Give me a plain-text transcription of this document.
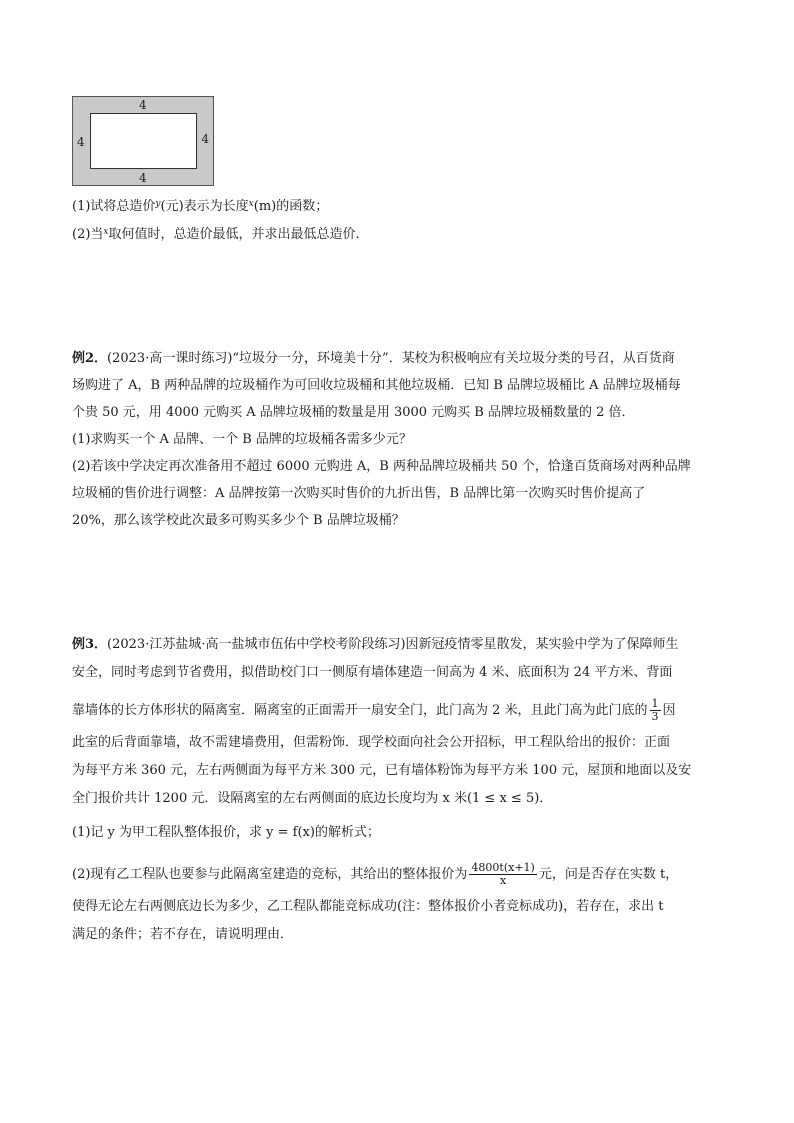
4
4
4	4
(1)试将总造价$^y$(元)表示为长度$^x$(m)的函数；
(2)当$^x$取何值时，总造价最低，并求出最低总造价.
例2．(2023·高一课时练习)“垃圾分一分，环境美十分”．某校为积极响应有关垃圾分类的号召，从百货商
场购进了 A，B 两种品牌的垃圾桶作为可回收垃圾桶和其他垃圾桶．已知 B 品牌垃圾桶比 A 品牌垃圾桶每
个贵 50 元，用 4000 元购买 A 品牌垃圾桶的数量是用 3000 元购买 B 品牌垃圾桶数量的 2 倍．
(1)求购买一个 A 品牌、一个 B 品牌的垃圾桶各需多少元？
(2)若该中学决定再次准备用不超过 6000 元购进 A，B 两种品牌垃圾桶共 50 个，恰逢百货商场对两种品牌
垃圾桶的售价进行调整：A 品牌按第一次购买时售价的九折出售，B 品牌比第一次购买时售价提高了
20%，那么该学校此次最多可购买多少个 B 品牌垃圾桶？
例3．(2023·江苏盐城·高一盐城市伍佑中学校考阶段练习)因新冠疫情零星散发，某实验中学为了保障师生
安全，同时考虑到节省费用，拟借助校门口一侧原有墙体建造一间高为 4 米、底面积为 24 平方米、背面
靠墙体的长方体形状的隔离室．隔离室的正面需开一扇安全门，此门高为 2 米，且此门高为此门底的 $\frac{1}{3}$ 因
此室的后背面靠墙，故不需建墙费用，但需粉饰．现学校面向社会公开招标，甲工程队给出的报价：正面
为每平方米 360 元，左右两侧面为每平方米 300 元，已有墙体粉饰为每平方米 100 元，屋顶和地面以及安
全门报价共计 1200 元．设隔离室的左右两侧面的底边长度均为 x 米(1 ≤ x ≤ 5)．
(1)记 y 为甲工程队整体报价，求 y = f(x)的解析式；
(2)现有乙工程队也要参与此隔离室建造的竞标，其给出的整体报价为 $\frac{4800t(x+1)}{x}$ 元，问是否存在实数 t，
使得无论左右两侧底边长为多少，乙工程队都能竞标成功(注：整体报价小者竞标成功)，若存在，求出 t
满足的条件；若不存在，请说明理由．
